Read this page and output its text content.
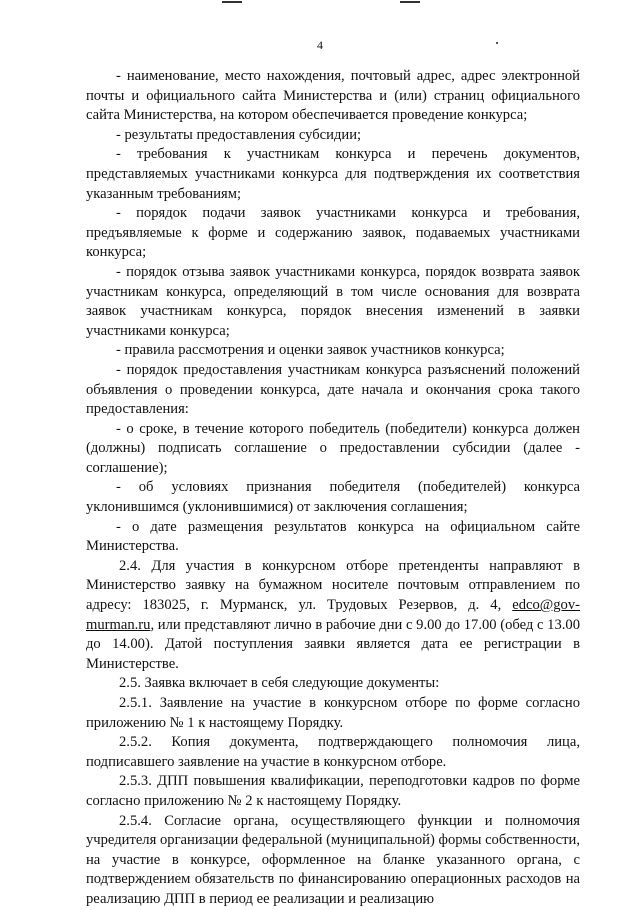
4

- наименование, место нахождения, почтовый адрес, адрес электронной почты и официального сайта Министерства и (или) страниц официального сайта Министерства, на котором обеспечивается проведение конкурса;

- результаты предоставления субсидии;

- требования к участникам конкурса и перечень документов, представляемых участниками конкурса для подтверждения их соответствия указанным требованиям;

- порядок подачи заявок участниками конкурса и требования, предъявляемые к форме и содержанию заявок, подаваемых участниками конкурса;

- порядок отзыва заявок участниками конкурса, порядок возврата заявок участникам конкурса, определяющий в том числе основания для возврата заявок участникам конкурса, порядок внесения изменений в заявки участниками конкурса;

- правила рассмотрения и оценки заявок участников конкурса;

- порядок предоставления участникам конкурса разъяснений положений объявления о проведении конкурса, дате начала и окончания срока такого предоставления:

- о сроке, в течение которого победитель (победители) конкурса должен (должны) подписать соглашение о предоставлении субсидии (далее - соглашение);

- об условиях признания победителя (победителей) конкурса уклонившимся (уклонившимися) от заключения соглашения;

- о дате размещения результатов конкурса на официальном сайте Министерства.

2.4. Для участия в конкурсном отборе претенденты направляют в Министерство заявку на бумажном носителе почтовым отправлением по адресу: 183025, г. Мурманск, ул. Трудовых Резервов, д. 4, edco@gov-murman.ru, или представляют лично в рабочие дни с 9.00 до 17.00 (обед с 13.00 до 14.00). Датой поступления заявки является дата ее регистрации в Министерстве.

2.5. Заявка включает в себя следующие документы:

2.5.1. Заявление на участие в конкурсном отборе по форме согласно приложению № 1 к настоящему Порядку.

2.5.2. Копия документа, подтверждающего полномочия лица, подписавшего заявление на участие в конкурсном отборе.

2.5.3. ДПП повышения квалификации, переподготовки кадров по форме согласно приложению № 2 к настоящему Порядку.

2.5.4. Согласие органа, осуществляющего функции и полномочия учредителя организации федеральной (муниципальной) формы собственности, на участие в конкурсе, оформленное на бланке указанного органа, с подтверждением обязательств по финансированию операционных расходов на реализацию ДПП в период ее реализации и реализацию
